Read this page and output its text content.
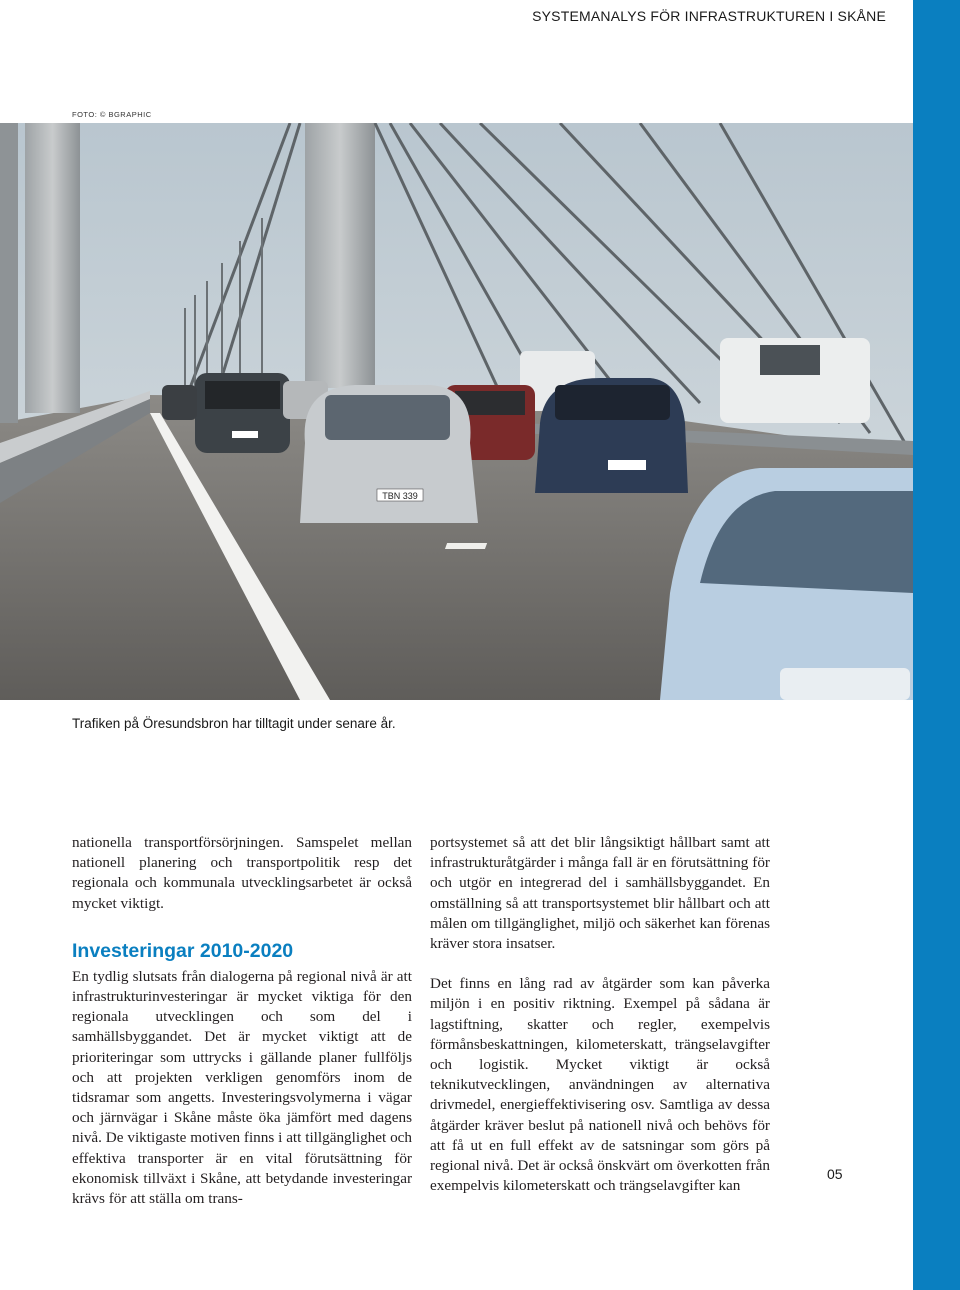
SYSTEMANALYS FÖR INFRASTRUKTUREN I SKÅNE
FOTO: © BGRAPHIC
TBN 339
Trafiken på Öresundsbron har tilltagit under senare år.

nationella transportförsörjningen. Samspelet mellan nationell planering och transportpolitik resp det regionala och kommunala utvecklingsarbetet är också mycket viktigt.

Investeringar 2010-2020

En tydlig slutsats från dialogerna på regional nivå är att infrastrukturinvesteringar är mycket viktiga för den regionala utvecklingen och som del i samhällsbyggandet. Det är mycket viktigt att de prioriteringar som uttrycks i gällande planer fullföljs och att projekten verkligen genomförs inom de tidsramar som angetts. Investeringsvolymerna i vägar och järnvägar i Skåne måste öka jämfört med dagens nivå. De viktigaste motiven finns i att tillgänglighet och effektiva transporter är en vital förutsättning för ekonomisk tillväxt i Skåne, att betydande investeringar krävs för att ställa om trans-

portsystemet så att det blir långsiktigt hållbart samt att infrastrukturåtgärder i många fall är en förutsättning för och utgör en integrerad del i samhällsbyggandet. En omställning så att transportsystemet blir hållbart och att målen om tillgänglighet, miljö och säkerhet kan förenas kräver stora insatser.

Det finns en lång rad av åtgärder som kan påverka miljön i en positiv riktning. Exempel på sådana är lagstiftning, skatter och regler, exempelvis förmånsbeskattningen, kilometerskatt, trängselavgifter och logistik. Mycket viktigt är också teknikutvecklingen, användningen av alternativa drivmedel, energieffektivisering osv. Samtliga av dessa åtgärder kräver beslut på nationell nivå och behövs för att få ut en full effekt av de satsningar som görs på regional nivå. Det är också önskvärt om överkotten från exempelvis kilometerskatt och trängselavgifter kan

05
